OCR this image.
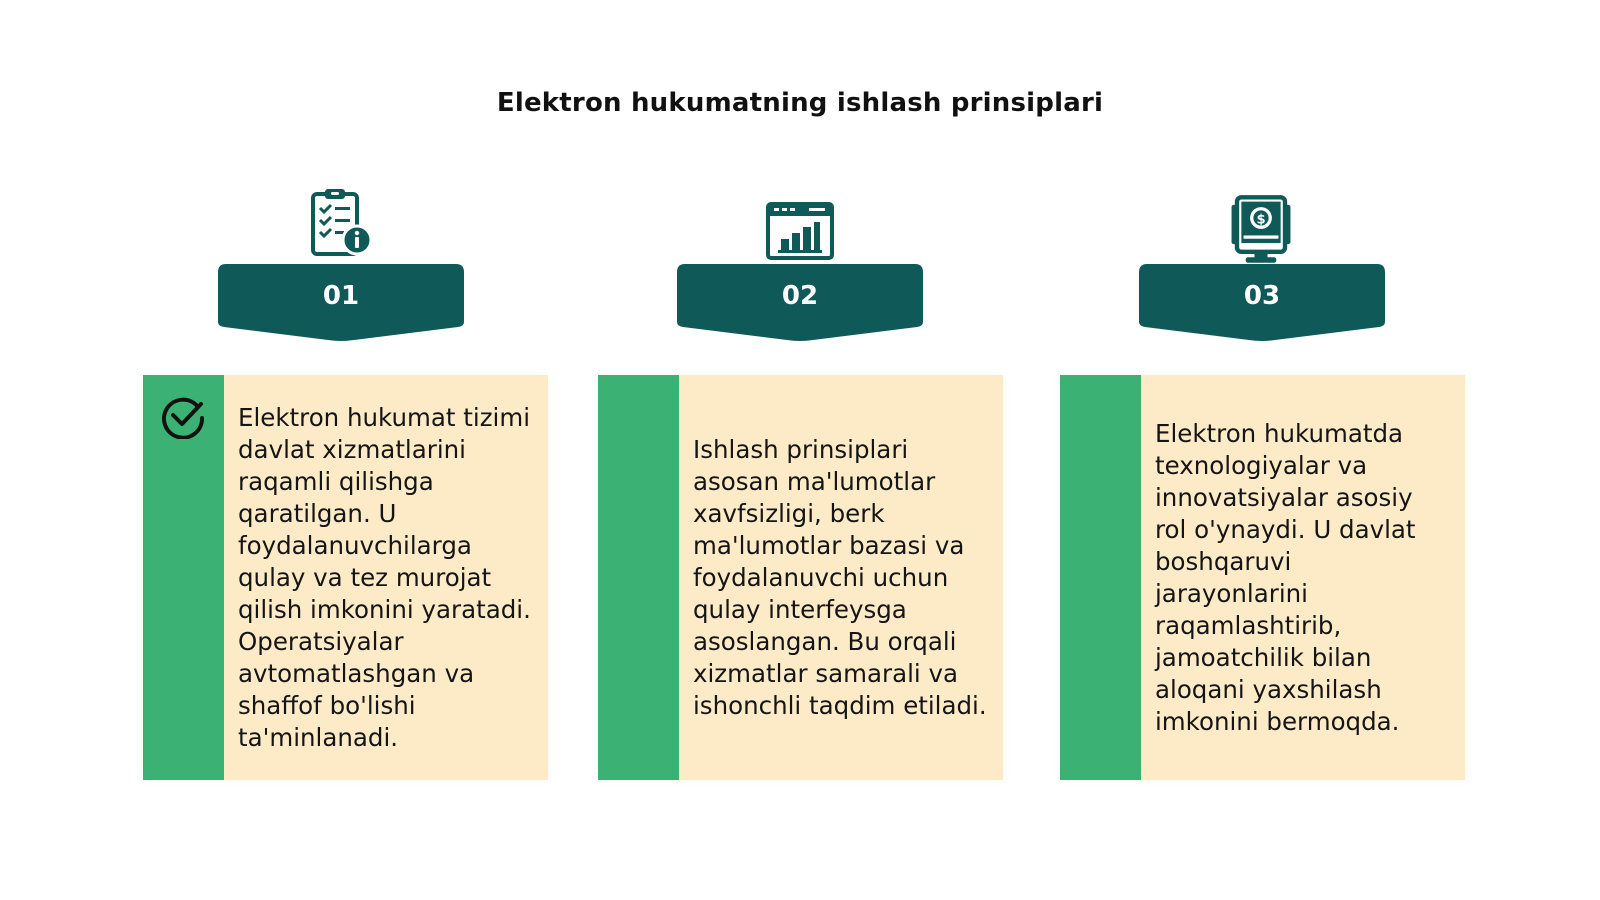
Elektron hukumatning ishlash prinsiplari
01
Elektron hukumat tizimi davlat xizmatlarini raqamli qilishga qaratilgan. U foydalanuvchilarga qulay va tez murojat qilish imkonini yaratadi. Operatsiyalar avtomatlashgan va shaffof bo'lishi ta'minlanadi.
02
Ishlash prinsiplari asosan ma'lumotlar xavfsizligi, berk ma'lumotlar bazasi va foydalanuvchi uchun qulay interfeysga asoslangan. Bu orqali xizmatlar samarali va ishonchli taqdim etiladi.
$
03
Elektron hukumatda texnologiyalar va innovatsiyalar asosiy rol o'ynaydi. U davlat boshqaruvi jarayonlarini raqamlashtirib, jamoatchilik bilan aloqani yaxshilash imkonini bermoqda.
